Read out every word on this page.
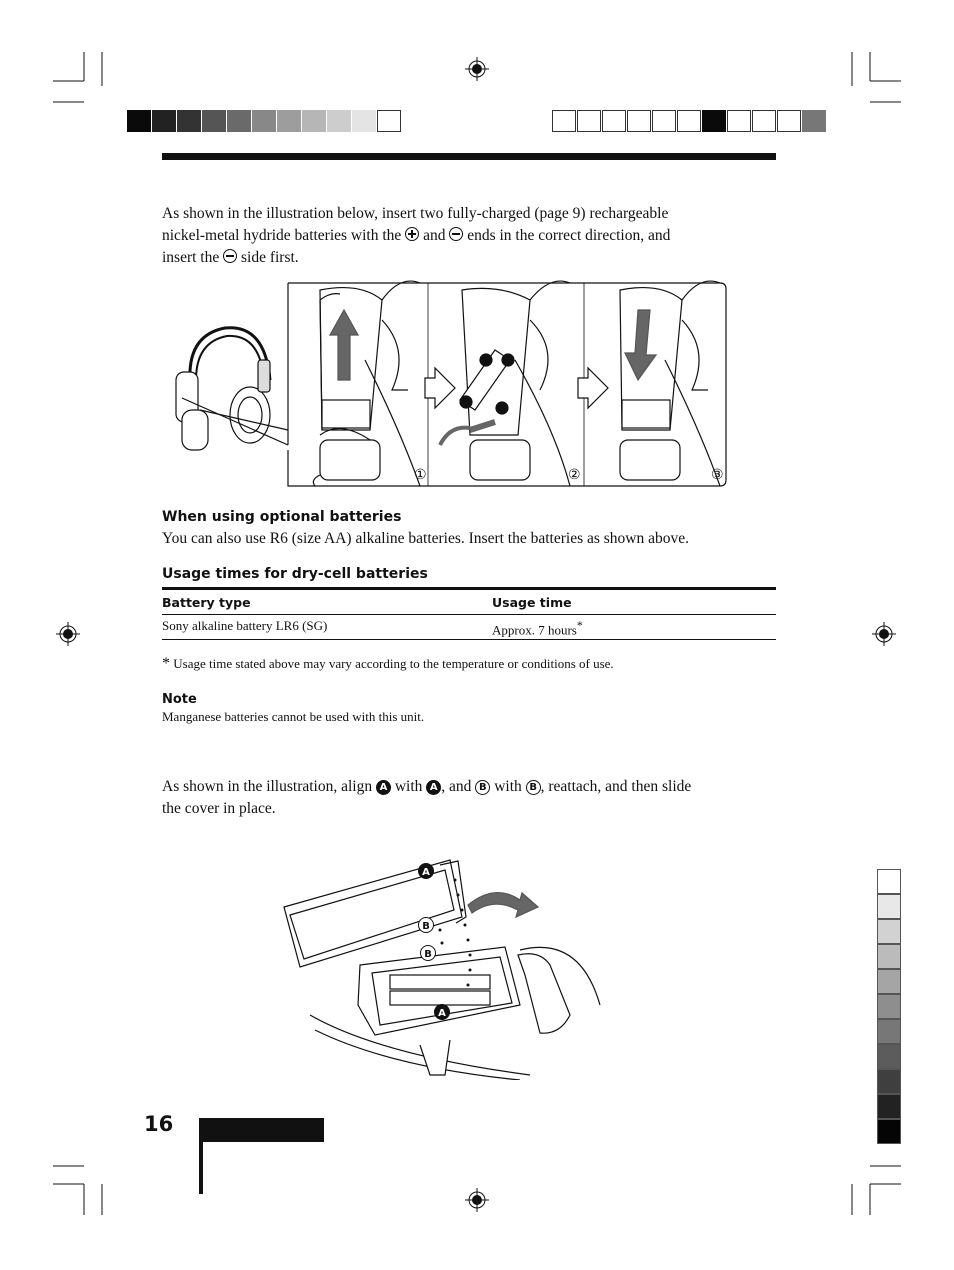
As shown in the illustration below, insert two fully-charged (page 9) rechargeable
nickel-metal hydride batteries with the and ends in the correct direction, and
insert the side first.
①	②	③
When using optional batteries
You can also use R6 (size AA) alkaline batteries. Insert the batteries as shown above.
Usage times for dry-cell batteries
Battery type	Usage time
Sony alkaline battery LR6 (SG)	Approx. 7 hours*
* Usage time stated above may vary according to the temperature or conditions of use.
Note
Manganese batteries cannot be used with this unit.
As shown in the illustration, align A with A , and B with B , reattach, and then slide
the cover in place.
A
B
B
A
16
